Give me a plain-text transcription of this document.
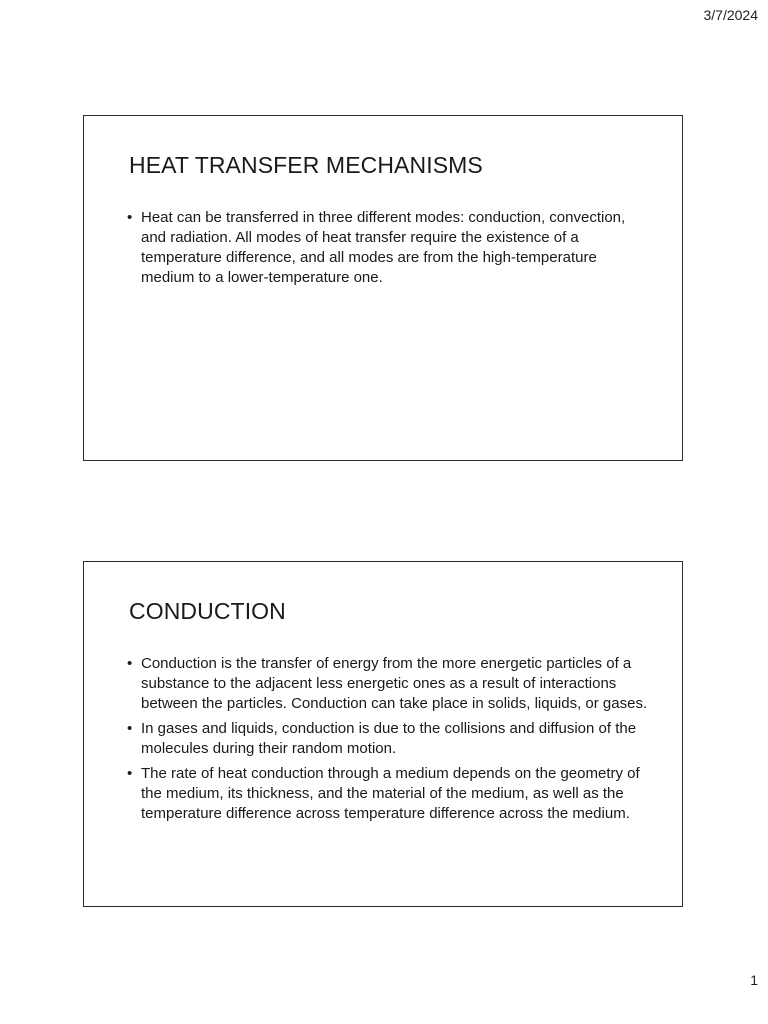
3/7/2024
HEAT TRANSFER MECHANISMS
• Heat can be transferred in three different modes: conduction, convection, and radiation. All modes of heat transfer require the existence of a temperature difference, and all modes are from the high-temperature medium to a lower-temperature one.
CONDUCTION
• Conduction is the transfer of energy from the more energetic particles of a substance to the adjacent less energetic ones as a result of interactions between the particles. Conduction can take place in solids, liquids, or gases.
• In gases and liquids, conduction is due to the collisions and diffusion of the molecules during their random motion.
• The rate of heat conduction through a medium depends on the geometry of the medium, its thickness, and the material of the medium, as well as the temperature difference across temperature difference across the medium.
1
